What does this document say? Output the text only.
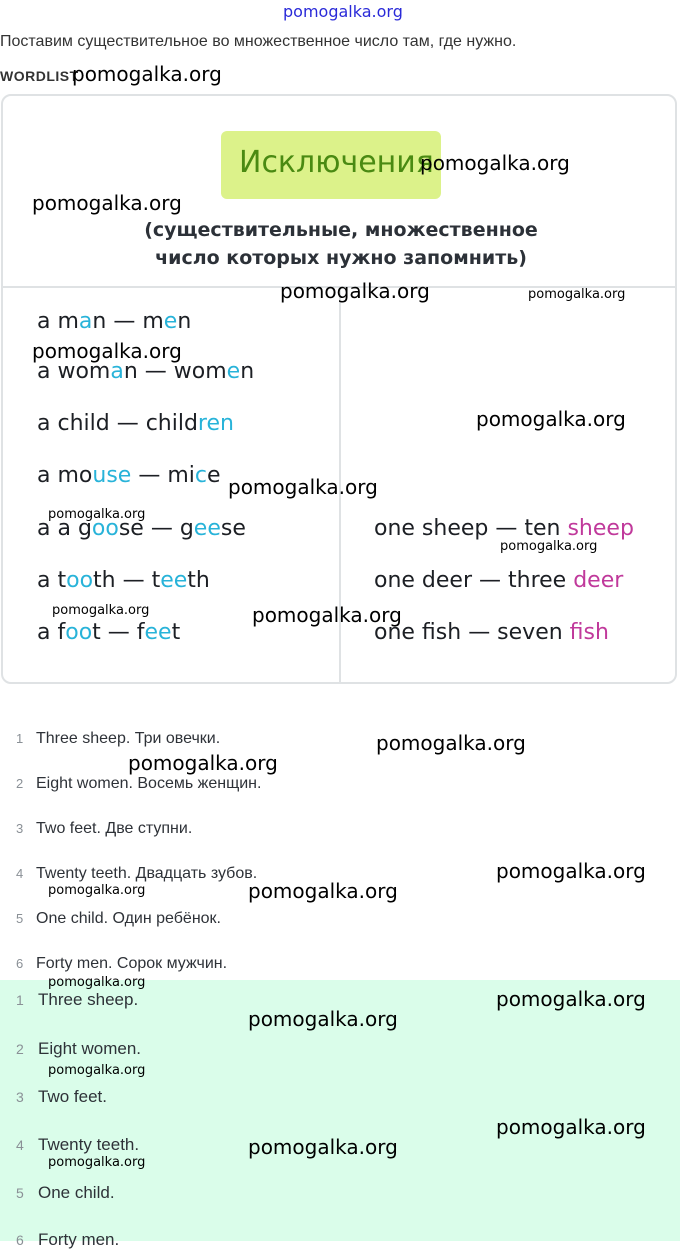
pomogalka.org
Поставим существительное во множественное число там, где нужно.
WORDLIST
pomogalka.org
Исключения
(существительные, множественное
число которых нужно запомнить)
a man — men
a woman — women
a child — children
a mouse — mice
a a goose — geese
a tooth — teeth
a foot — feet
one sheep — ten sheep
one deer — three deer
one fish — seven fish
1 Three sheep. Три овечки.
2 Eight women. Восемь женщин.
3 Two feet. Две ступни.
4 Twenty teeth. Двадцать зубов.
5 One child. Один ребёнок.
6 Forty men. Сорок мужчин.
1 Three sheep.
2 Eight women.
3 Two feet.
4 Twenty teeth.
5 One child.
6 Forty men.
pomogalka.org
pomogalka.org
pomogalka.org	pomogalka.org
pomogalka.org
pomogalka.org
pomogalka.org
pomogalka.org
pomogalka.org
pomogalka.org	pomogalka.org
pomogalka.org
pomogalka.org
pomogalka.org
pomogalka.org	pomogalka.org
pomogalka.org
pomogalka.org
pomogalka.org
pomogalka.org
pomogalka.org
pomogalka.org
pomogalka.org
